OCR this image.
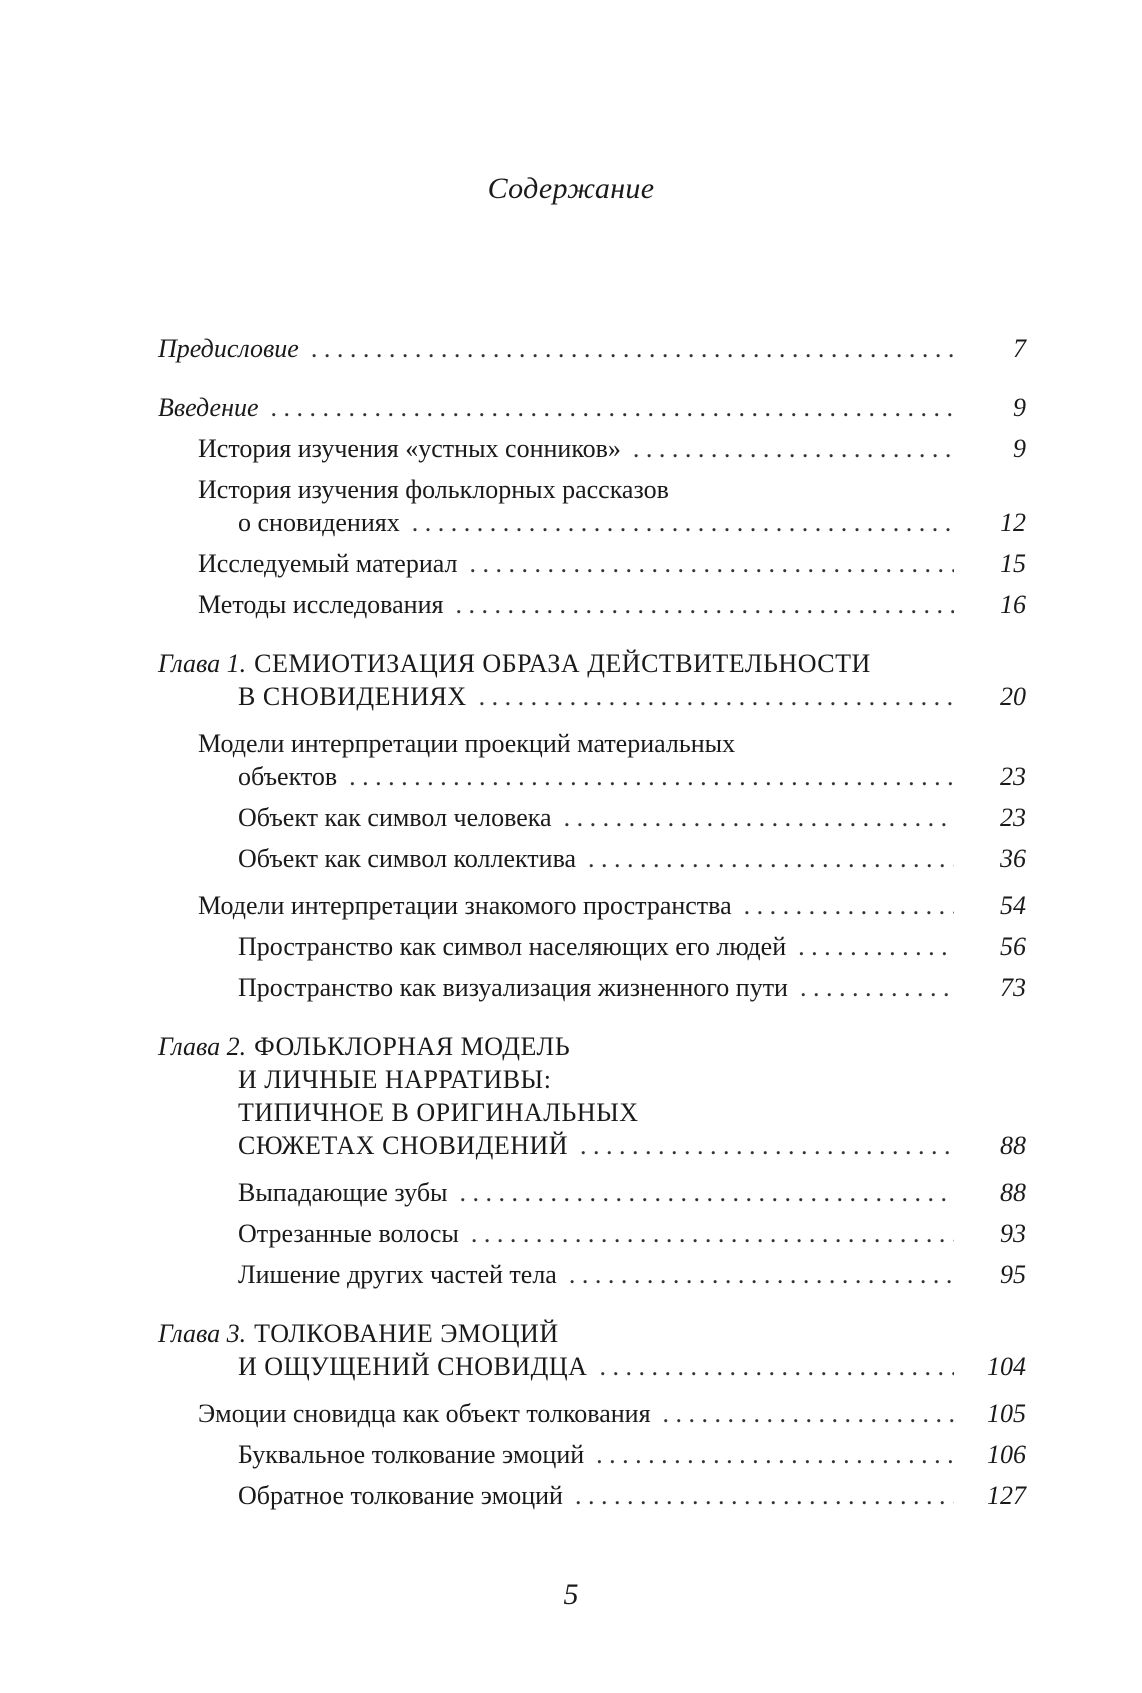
Содержание
Предисловие . . .	7
Введение . . .	9
История изучения «устных сонников» . . .	9
История изучения фольклорных рассказов
о сновидениях . . .	12
Исследуемый материал . . .	15
Методы исследования . . .	16
Глава 1. СЕМИОТИЗАЦИЯ ОБРАЗА ДЕЙСТВИТЕЛЬНОСТИ
В СНОВИДЕНИЯХ . . .	20
Модели интерпретации проекций материальных
объектов . . .	23
Объект как символ человека . . .	23
Объект как символ коллектива . . .	36
Модели интерпретации знакомого пространства . . .	54
Пространство как символ населяющих его людей . . .	56
Пространство как визуализация жизненного пути . . .	73
Глава 2. ФОЛЬКЛОРНАЯ МОДЕЛЬ
И ЛИЧНЫЕ НАРРАТИВЫ:
ТИПИЧНОЕ В ОРИГИНАЛЬНЫХ
СЮЖЕТАХ СНОВИДЕНИЙ . . .	88
Выпадающие зубы . . .	88
Отрезанные волосы . . .	93
Лишение других частей тела . . .	95
Глава 3. ТОЛКОВАНИЕ ЭМОЦИЙ
И ОЩУЩЕНИЙ СНОВИДЦА . . .	104
Эмоции сновидца как объект толкования . . .	105
Буквальное толкование эмоций . . .	106
Обратное толкование эмоций . . .	127
5
